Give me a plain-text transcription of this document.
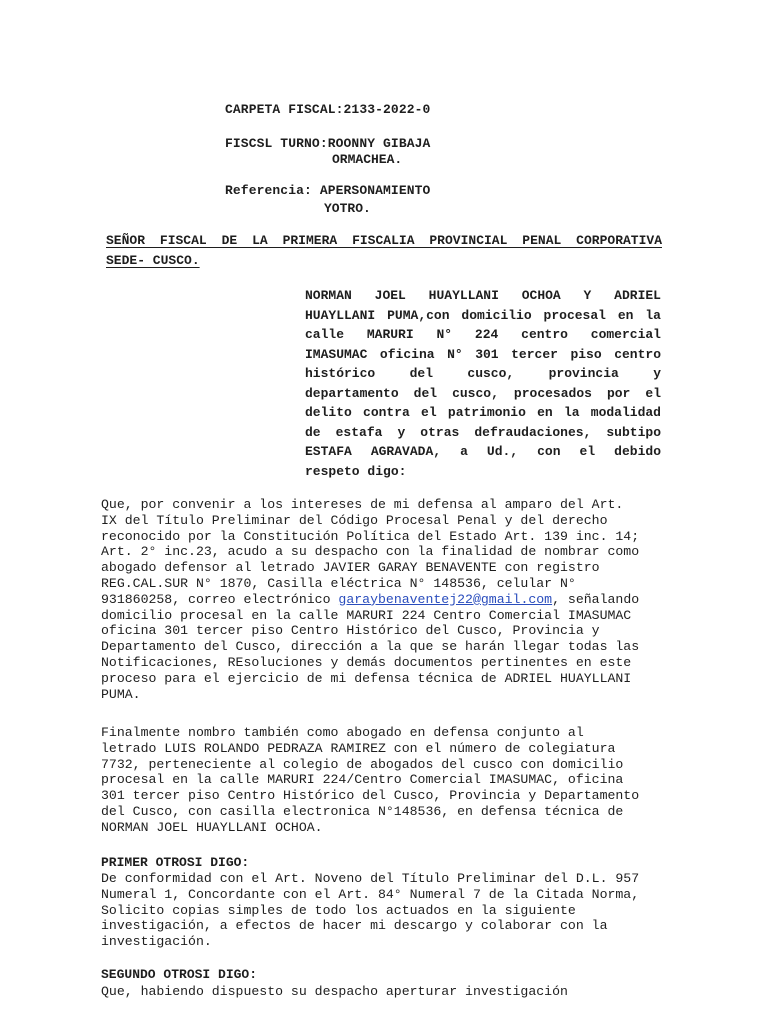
CARPETA FISCAL:2133-2022-0
FISCSL TURNO:ROONNY GIBAJA
ORMACHEA.
Referencia: APERSONAMIENTO
YOTRO.
SEÑOR FISCAL DE LA PRIMERA FISCALIA PROVINCIAL PENAL CORPORATIVA
SEDE- CUSCO.
NORMAN JOEL HUAYLLANI OCHOA Y ADRIEL
HUAYLLANI PUMA,con domicilio procesal en la
calle MARURI N° 224 centro comercial
IMASUMAC oficina N° 301 tercer piso centro
histórico del cusco, provincia y
departamento del cusco, procesados por el
delito contra el patrimonio en la modalidad
de estafa y otras defraudaciones, subtipo
ESTAFA AGRAVADA, a Ud., con el debido
respeto digo:
Que, por convenir a los intereses de mi defensa al amparo del Art.
IX del Título Preliminar del Código Procesal Penal y del derecho
reconocido por la Constitución Política del Estado Art. 139 inc. 14;
Art. 2° inc.23, acudo a su despacho con la finalidad de nombrar como
abogado defensor al letrado JAVIER GARAY BENAVENTE con registro
REG.CAL.SUR N° 1870, Casilla eléctrica N° 148536, celular N°
931860258, correo electrónico garaybenaventej22@gmail.com, señalando
domicilio procesal en la calle MARURI 224 Centro Comercial IMASUMAC
oficina 301 tercer piso Centro Histórico del Cusco, Provincia y
Departamento del Cusco, dirección a la que se harán llegar todas las
Notificaciones, REsoluciones y demás documentos pertinentes en este
proceso para el ejercicio de mi defensa técnica de ADRIEL HUAYLLANI
PUMA.
Finalmente nombro también como abogado en defensa conjunto al
letrado LUIS ROLANDO PEDRAZA RAMIREZ con el número de colegiatura
7732, perteneciente al colegio de abogados del cusco con domicilio
procesal en la calle MARURI 224/Centro Comercial IMASUMAC, oficina
301 tercer piso Centro Histórico del Cusco, Provincia y Departamento
del Cusco, con casilla electronica N°148536, en defensa técnica de
NORMAN JOEL HUAYLLANI OCHOA.
PRIMER OTROSI DIGO:
De conformidad con el Art. Noveno del Título Preliminar del D.L. 957
Numeral 1, Concordante con el Art. 84° Numeral 7 de la Citada Norma,
Solicito copias simples de todo los actuados en la siguiente
investigación, a efectos de hacer mi descargo y colaborar con la
investigación.
SEGUNDO OTROSI DIGO:
Que, habiendo dispuesto su despacho aperturar investigación
